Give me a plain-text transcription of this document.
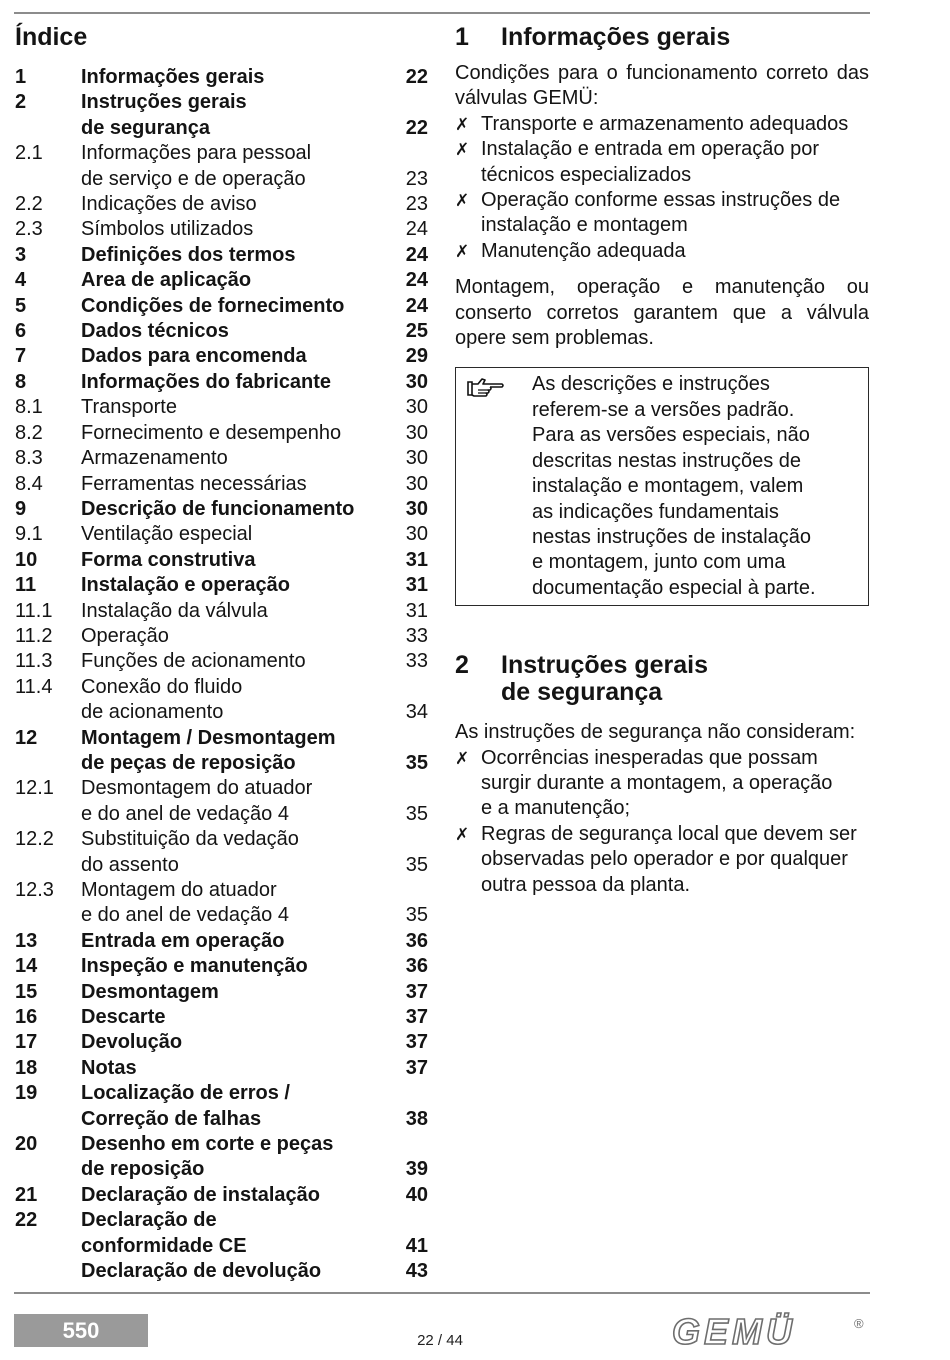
Índice
1	Informações gerais	22
2	Instruções gerais
de segurança	22
2.1	Informações para pessoal
de serviço e de operação	23
2.2	Indicações de aviso	23
2.3	Símbolos utilizados	24
3	Definições dos termos	24
4	Area de aplicação	24
5	Condições de fornecimento	24
6	Dados técnicos	25
7	Dados para encomenda	29
8	Informações do fabricante	30
8.1	Transporte	30
8.2	Fornecimento e desempenho	30
8.3	Armazenamento	30
8.4	Ferramentas necessárias	30
9	Descrição de funcionamento	30
9.1	Ventilação especial	30
10	Forma construtiva	31
11	Instalação e operação	31
11.1	Instalação da válvula	31
11.2	Operação	33
11.3	Funções de acionamento	33
11.4	Conexão do fluido
de acionamento	34
12	Montagem / Desmontagem
de peças de reposição	35
12.1	Desmontagem do atuador
e do anel de vedação 4	35
12.2	Substituição da vedação
do assento	35
12.3	Montagem do atuador
e do anel de vedação 4	35
13	Entrada em operação	36
14	Inspeção e manutenção	36
15	Desmontagem	37
16	Descarte	37
17	Devolução	37
18	Notas	37
19	Localização de erros /
Correção de falhas	38
20	Desenho em corte e peças
de reposição	39
21	Declaração de instalação	40
22	Declaração de
conformidade CE	41
Declaração de devolução	43
1	Informações gerais

Condições para o funcionamento correto das válvulas GEMÜ:

✗ Transporte e armazenamento adequados
✗ Instalação e entrada em operação por
técnicos especializados
✗ Operação conforme essas instruções de
instalação e montagem
✗ Manutenção adequada

Montagem, operação e manutenção ou conserto corretos garantem que a válvula opere sem problemas.

As descrições e instruções
referem-se a versões padrão.
Para as versões especiais, não
descritas nestas instruções de
instalação e montagem, valem
as indicações fundamentais
nestas instruções de instalação
e montagem, junto com uma
documentação especial à parte.
2	Instruções gerais
de segurança

As instruções de segurança não consideram:

✗ Ocorrências inesperadas que possam
surgir durante a montagem, a operação
e a manutenção;
✗ Regras de segurança local que devem ser
observadas pelo operador e por qualquer
outra pessoa da planta.
550	22 / 44	GEMÜ	®
